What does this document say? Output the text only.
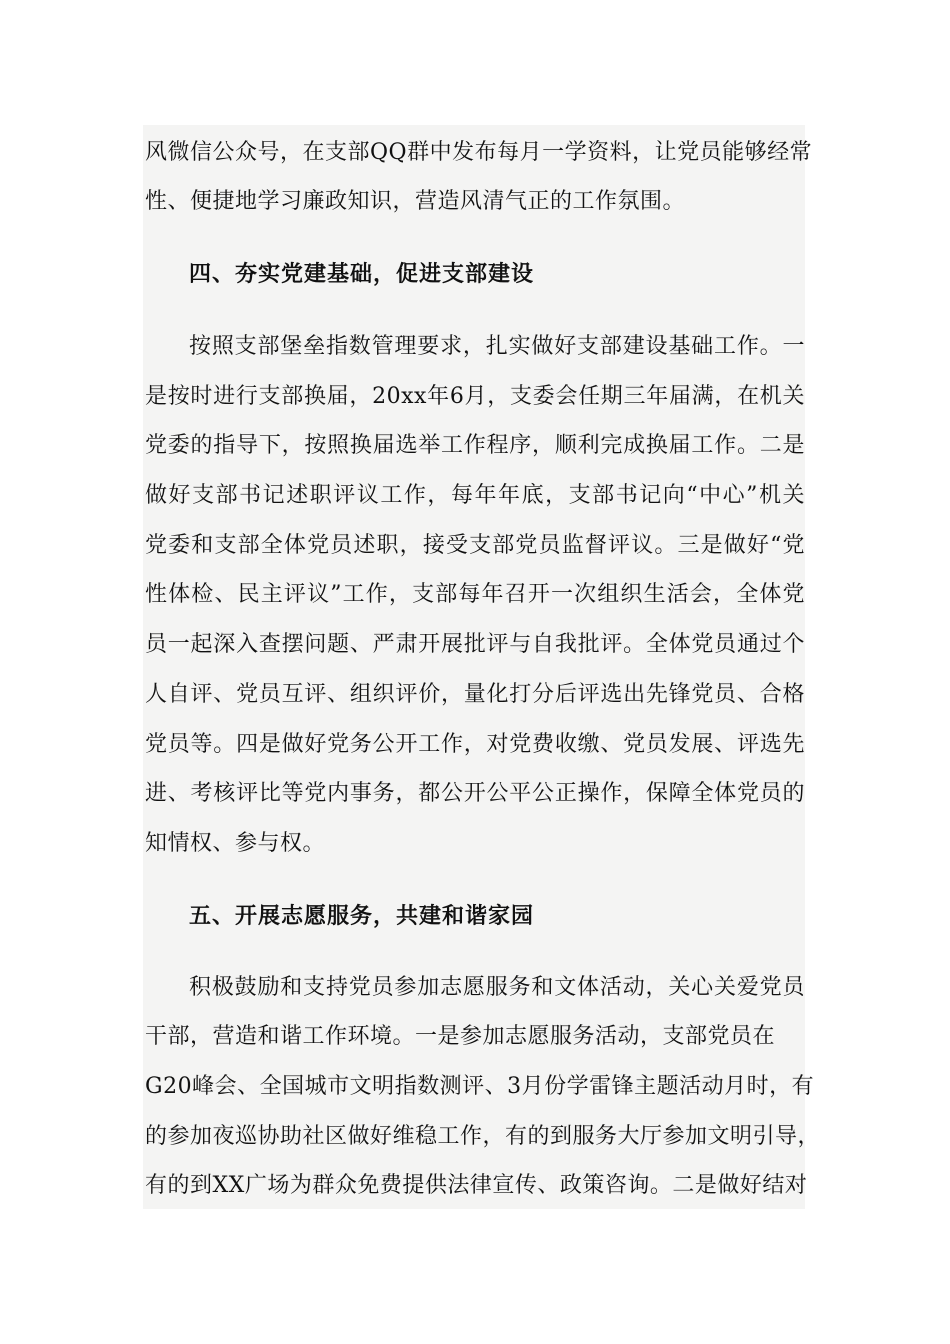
风微信公众号，在支部QQ群中发布每月一学资料，让党员能够经常
性、便捷地学习廉政知识，营造风清气正的工作氛围。
四、夯实党建基础，促进支部建设
按照支部堡垒指数管理要求，扎实做好支部建设基础工作。一
是按时进行支部换届，20xx年6月，支委会任期三年届满，在机关
党委的指导下，按照换届选举工作程序，顺利完成换届工作。二是
做好支部书记述职评议工作，每年年底，支部书记向“中心”机关
党委和支部全体党员述职，接受支部党员监督评议。三是做好“党
性体检、民主评议”工作，支部每年召开一次组织生活会，全体党
员一起深入查摆问题、严肃开展批评与自我批评。全体党员通过个
人自评、党员互评、组织评价，量化打分后评选出先锋党员、合格
党员等。四是做好党务公开工作，对党费收缴、党员发展、评选先
进、考核评比等党内事务，都公开公平公正操作，保障全体党员的
知情权、参与权。
五、开展志愿服务，共建和谐家园
积极鼓励和支持党员参加志愿服务和文体活动，关心关爱党员
干部，营造和谐工作环境。一是参加志愿服务活动，支部党员在
G20峰会、全国城市文明指数测评、3月份学雷锋主题活动月时，有
的参加夜巡协助社区做好维稳工作，有的到服务大厅参加文明引导，
有的到XX广场为群众免费提供法律宣传、政策咨询。二是做好结对
